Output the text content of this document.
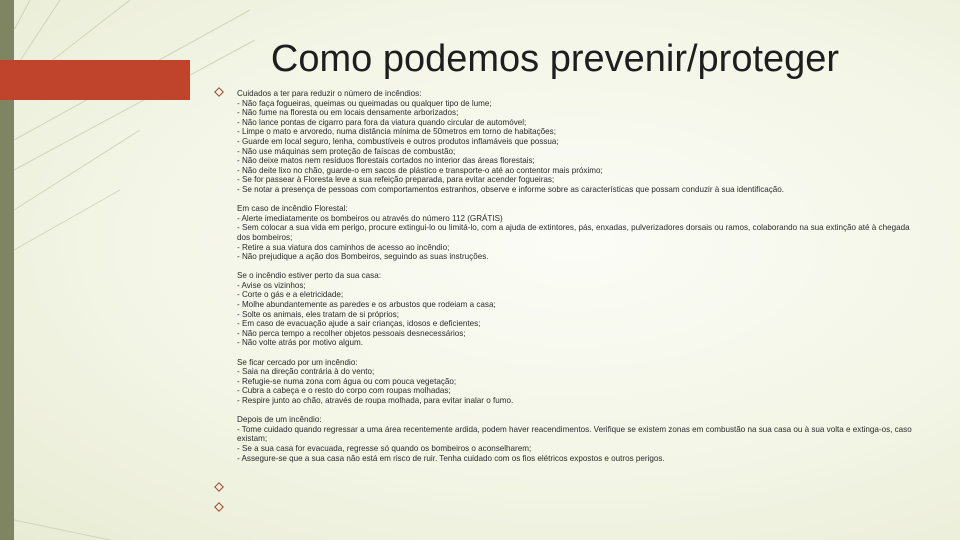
Como podemos prevenir/proteger
Cuidados a ter para reduzir o número de incêndios:
- Não faça fogueiras, queimas ou queimadas ou qualquer tipo de lume;
- Não fume na floresta ou em locais densamente arborizados;
- Não lance pontas de cigarro para fora da viatura quando circular de automóvel;
- Limpe o mato e arvoredo, numa distância mínima de 50metros em torno de habitações;
- Guarde em local seguro, lenha, combustíveis e outros produtos inflamáveis que possua;
- Não use máquinas sem proteção de faíscas de combustão;
- Não deixe matos nem resíduos florestais cortados no interior das áreas florestais;
- Não deite lixo no chão, guarde-o em sacos de plástico e transporte-o até ao contentor mais próximo;
- Se for passear à Floresta leve a sua refeição preparada, para evitar acender fogueiras;
- Se notar a presença de pessoas com comportamentos estranhos, observe e informe sobre as características que possam conduzir à sua identificação.
Em caso de incêndio Florestal:
- Alerte imediatamente os bombeiros ou através do número 112 (GRÁTIS)
- Sem colocar a sua vida em perigo, procure extingui-lo ou limitá-lo, com a ajuda de extintores, pás, enxadas, pulverizadores dorsais ou ramos, colaborando na sua extinção até à chegada dos bombeiros;
- Retire a sua viatura dos caminhos de acesso ao incêndio;
- Não prejudique a ação dos Bombeiros, seguindo as suas instruções.
Se o incêndio estiver perto da sua casa:
- Avise os vizinhos;
- Corte o gás e a eletricidade;
- Molhe abundantemente as paredes e os arbustos que rodeiam a casa;
- Solte os animais, eles tratam de si próprios;
- Em caso de evacuação ajude a sair crianças, idosos e deficientes;
- Não perca tempo a recolher objetos pessoais desnecessários;
- Não volte atrás por motivo algum.
Se ficar cercado por um incêndio:
- Saia na direção contrária à do vento;
- Refugie-se numa zona com água ou com pouca vegetação;
- Cubra a cabeça e o resto do corpo com roupas molhadas;
- Respire junto ao chão, através de roupa molhada, para evitar inalar o fumo.
Depois de um incêndio:
- Tome cuidado quando regressar a uma área recentemente ardida, podem haver reacendimentos. Verifique se existem zonas em combustão na sua casa ou à sua volta e extinga-os, caso existam;
- Se a sua casa for evacuada, regresse só quando os bombeiros o aconselharem;
- Assegure-se que a sua casa não está em risco de ruir. Tenha cuidado com os fios elétricos expostos e outros perigos.
